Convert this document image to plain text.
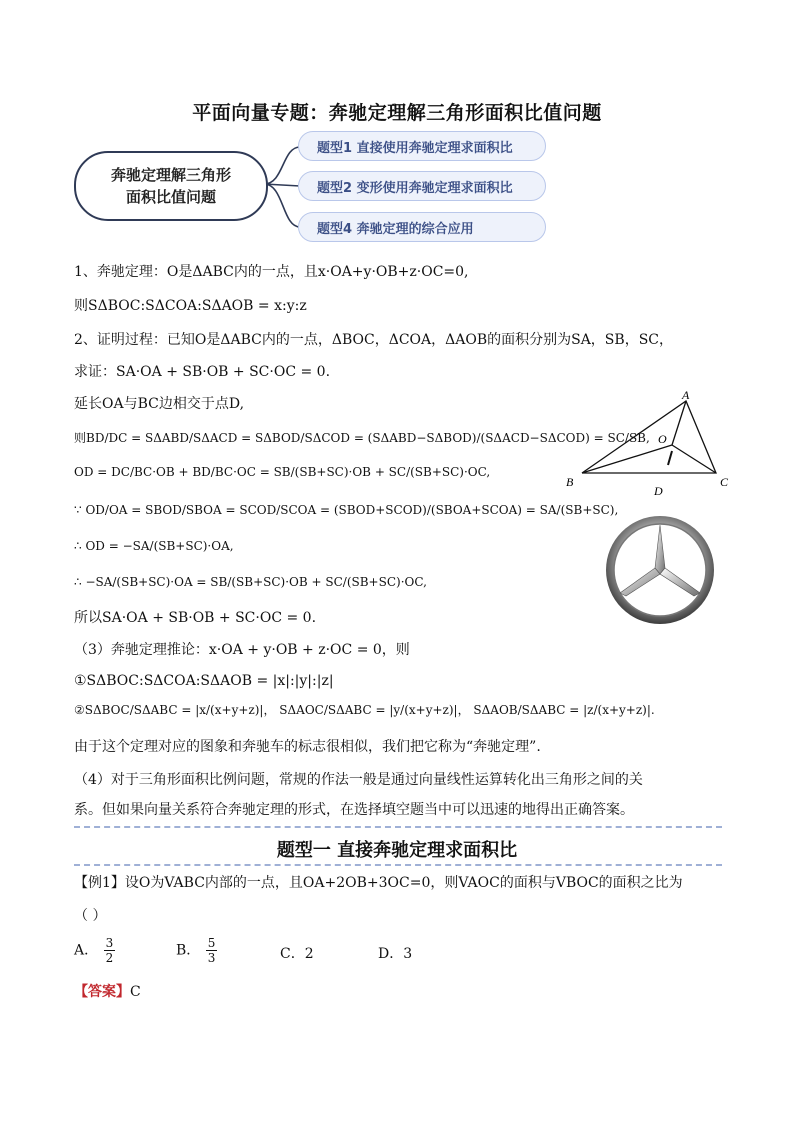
平面向量专题：奔驰定理解三角形面积比值问题
奔驰定理解三角形
面积比值问题
题型1 直接使用奔驰定理求面积比
题型2 变形使用奔驰定理求面积比
题型4 奔驰定理的综合应用
1、奔驰定理：O是ΔABC内的一点，且x·OA+y·OB+z·OC=0,
则SΔBOC:SΔCOA:SΔAOB = x:y:z
2、证明过程：已知O是ΔABC内的一点，ΔBOC，ΔCOA，ΔAOB的面积分别为SA，SB，SC，
求证：SA·OA + SB·OB + SC·OC = 0.
延长OA与BC边相交于点D,
则BD/DC = SΔABD/SΔACD = SΔBOD/SΔCOD = (SΔABD−SΔBOD)/(SΔACD−SΔCOD) = SC/SB,
OD = DC/BC·OB + BD/BC·OC = SB/(SB+SC)·OB + SC/(SB+SC)·OC,
∵ OD/OA = SBOD/SBOA = SCOD/SCOA = (SBOD+SCOD)/(SBOA+SCOA) = SA/(SB+SC),
∴ OD = −SA/(SB+SC)·OA,
∴ −SA/(SB+SC)·OA = SB/(SB+SC)·OB + SC/(SB+SC)·OC,
所以SA·OA + SB·OB + SC·OC = 0.
（3）奔驰定理推论：x·OA + y·OB + z·OC = 0，则
①SΔBOC:SΔCOA:SΔAOB = |x|:|y|:|z|
②SΔBOC/SΔABC = |x/(x+y+z)|， SΔAOC/SΔABC = |y/(x+y+z)|， SΔAOB/SΔABC = |z/(x+y+z)|.
由于这个定理对应的图象和奔驰车的标志很相似，我们把它称为“奔驰定理”.
（4）对于三角形面积比例问题，常规的作法一般是通过向量线性运算转化出三角形之间的关
系。但如果向量关系符合奔驰定理的形式，在选择填空题当中可以迅速的地得出正确答案。
A
O
B
D
C
题型一 直接奔驰定理求面积比
【例1】设O为VABC内部的一点，且OA+2OB+3OC=0，则VAOC的面积与VBOC的面积之比为
（ ）
A． $\frac{3}{2}$	B． $\frac{5}{3}$	C．2	D．3
【答案】C
